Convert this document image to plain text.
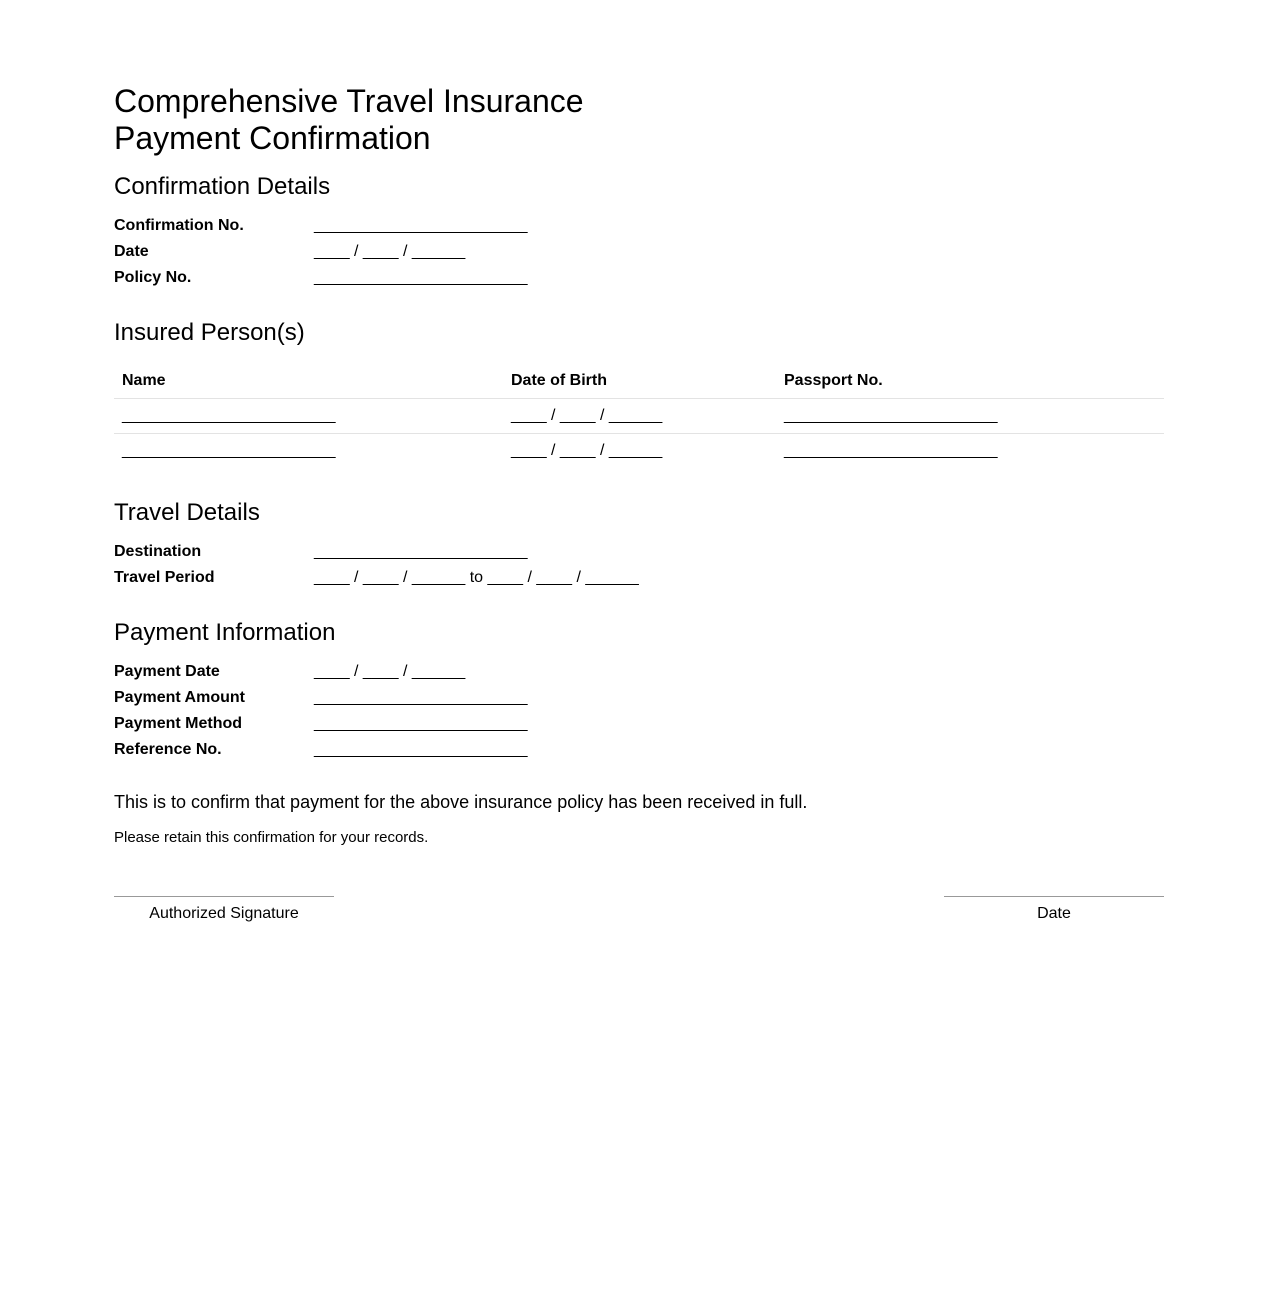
Comprehensive Travel Insurance
Payment Confirmation
Confirmation Details
Confirmation No.	________________________
Date	____ / ____ / ______
Policy No.	________________________
Insured Person(s)
Name	Date of Birth	Passport No.
________________________	____ / ____ / ______	________________________
________________________	____ / ____ / ______	________________________
Travel Details
Destination	________________________
Travel Period	____ / ____ / ______ to ____ / ____ / ______
Payment Information
Payment Date	____ / ____ / ______
Payment Amount	________________________
Payment Method	________________________
Reference No.	________________________

This is to confirm that payment for the above insurance policy has been received in full.

Please retain this confirmation for your records.

Authorized Signature	Date
